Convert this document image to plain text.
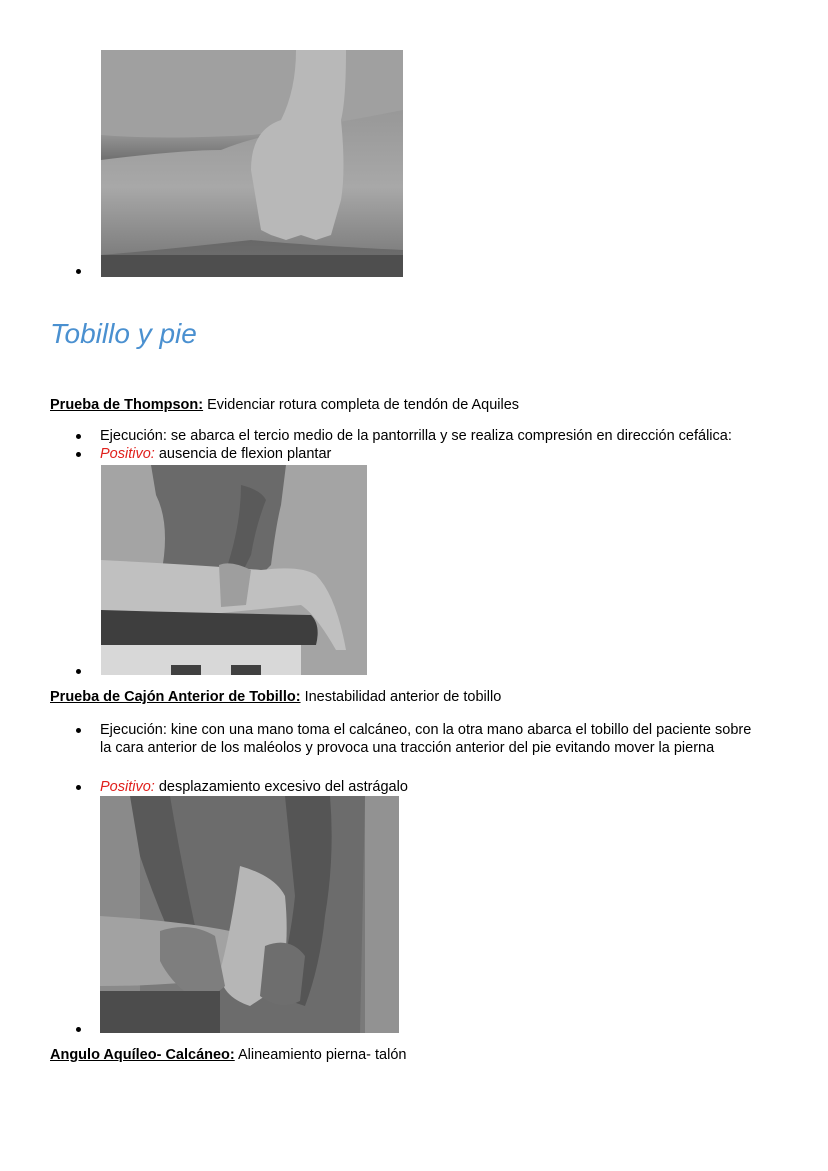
Tobillo y pie
Prueba de Thompson: Evidenciar rotura completa de tendón de Aquiles
Ejecución: se abarca el tercio medio de la pantorrilla y se realiza compresión en dirección cefálica:
Positivo: ausencia de flexion plantar
Prueba de Cajón Anterior de Tobillo: Inestabilidad anterior de tobillo
Ejecución: kine con una mano toma el calcáneo, con la otra mano abarca el tobillo del paciente sobre la cara anterior de los maléolos y provoca una tracción anterior del pie evitando mover la pierna
Positivo: desplazamiento excesivo del astrágalo
Angulo Aquíleo- Calcáneo: Alineamiento pierna- talón
